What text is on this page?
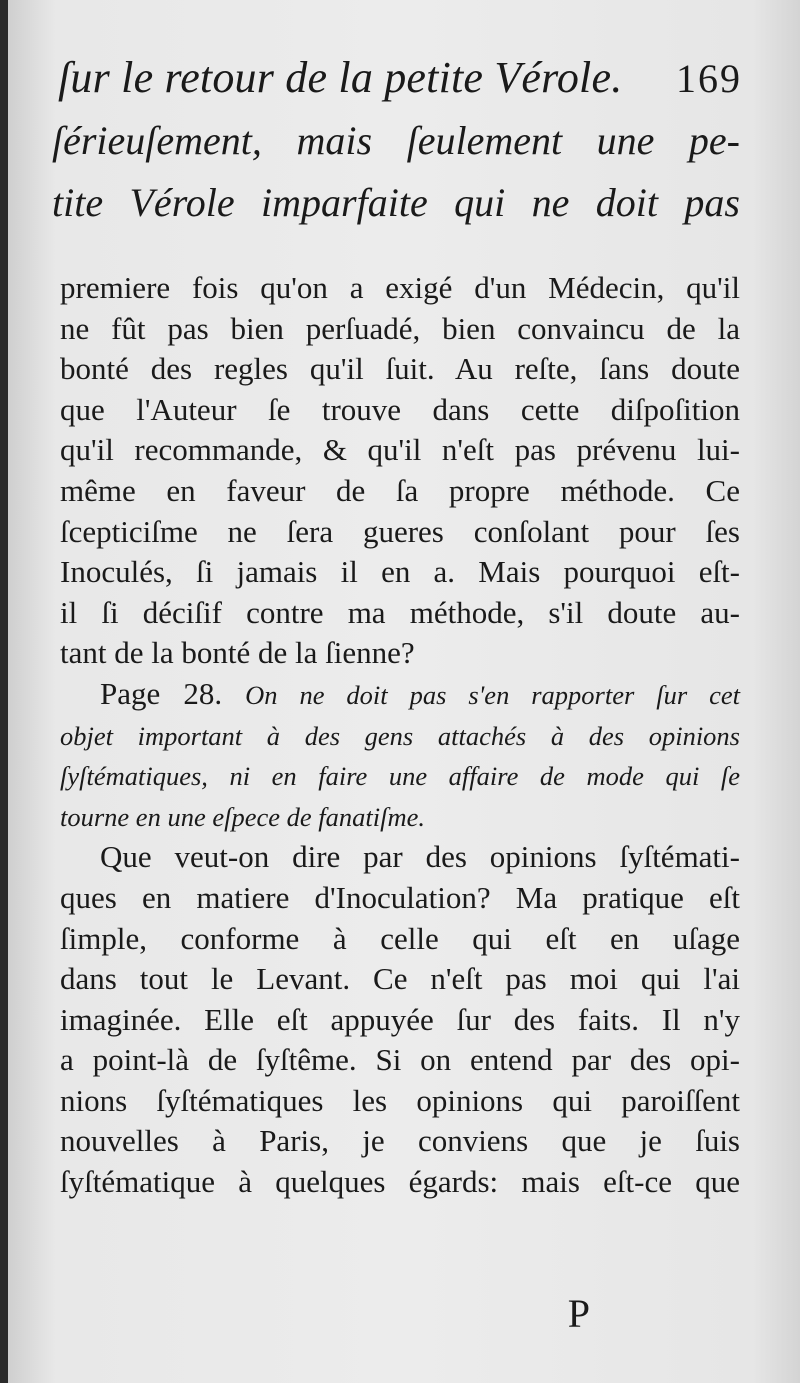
ſur le retour de la petite Vérole. 169
ſérieuſement, mais ſeulement une pe-
tite Vérole imparfaite qui ne doit pas
premiere fois qu'on a exigé d'un Médecin, qu'il
ne fût pas bien perſuadé, bien convaincu de la
bonté des regles qu'il ſuit. Au reſte, ſans doute
que l'Auteur ſe trouve dans cette diſpoſition
qu'il recommande, & qu'il n'eſt pas prévenu lui-
même en faveur de ſa propre méthode. Ce
ſcepticiſme ne ſera gueres conſolant pour ſes
Inoculés, ſi jamais il en a. Mais pourquoi eſt-
il ſi déciſif contre ma méthode, s'il doute au-
tant de la bonté de la ſienne?
Page 28. On ne doit pas s'en rapporter ſur cet
objet important à des gens attachés à des opinions
ſyſtématiques, ni en faire une affaire de mode qui ſe
tourne en une eſpece de fanatiſme.
Que veut-on dire par des opinions ſyſtémati-
ques en matiere d'Inoculation? Ma pratique eſt
ſimple, conforme à celle qui eſt en uſage
dans tout le Levant. Ce n'eſt pas moi qui l'ai
imaginée. Elle eſt appuyée ſur des faits. Il n'y
a point-là de ſyſtême. Si on entend par des opi-
nions ſyſtématiques les opinions qui paroiſſent
nouvelles à Paris, je conviens que je ſuis
ſyſtématique à quelques égards: mais eſt-ce que
P
